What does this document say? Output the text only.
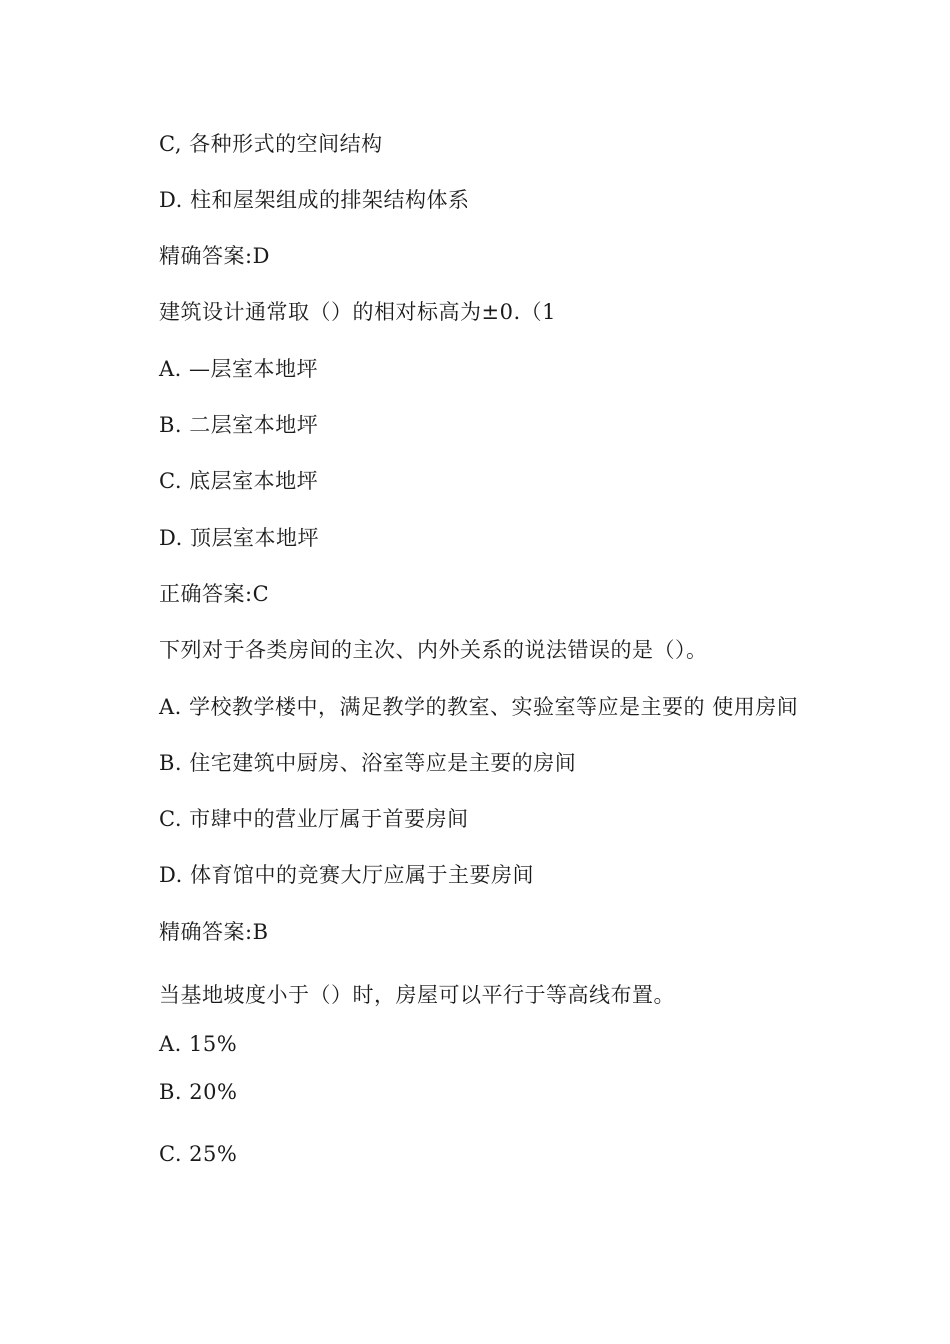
C, 各种形式的空间结构
D. 柱和屋架组成的排架结构体系
精确答案:D
建筑设计通常取（）的相对标高为±0.（1
A. —层室本地坪
B. 二层室本地坪
C. 底层室本地坪
D. 顶层室本地坪
正确答案:C
下列对于各类房间的主次、内外关系的说法错误的是（）。
A. 学校教学楼中，满足教学的教室、实验室等应是主要的 使用房间
B. 住宅建筑中厨房、浴室等应是主要的房间
C. 市肆中的营业厅属于首要房间
D. 体育馆中的竞赛大厅应属于主要房间
精确答案:B
当基地坡度小于（）时，房屋可以平行于等高线布置。
A. 15%
B. 20%
C. 25%
